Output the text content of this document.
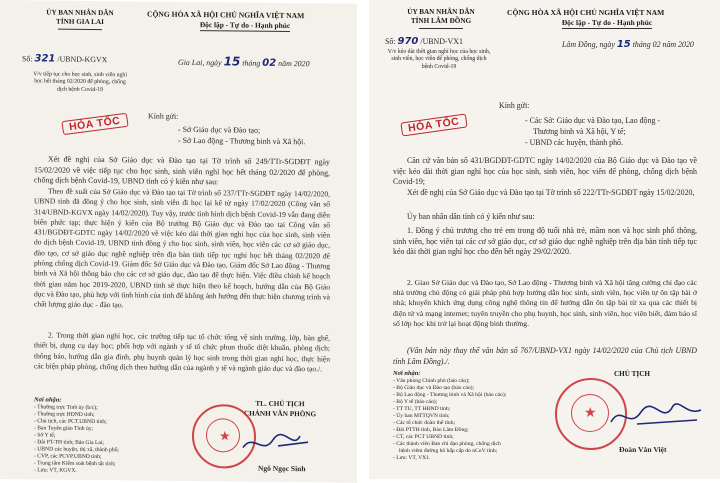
ỦY BAN NHÂN DÂN
TỈNH GIA LAI
CỘNG HÒA XÃ HỘI CHỦ NGHĨA VIỆT NAM
Độc lập - Tự do - Hạnh phúc
Số: 321 /UBND-KGVX	Gia Lai, ngày 15 tháng 02 năm 2020
V/v tiếp tục cho học sinh, sinh viên nghỉ học hết tháng 02/2020 để phòng, chống dịch bệnh Covid-19
HỎA TỐC	Kính gửi:
- Sở Giáo dục và Đào tạo;
- Sở Lao động - Thương binh và Xã hội.
Xét đề nghị của Sở Giáo dục và Đào tạo tại Tờ trình số 249/TTr-SGDĐT ngày 15/02/2020 về việc tiếp tục cho học sinh, sinh viên nghỉ học hết tháng 02/2020 để phòng, chống dịch bệnh Covid-19, UBND tỉnh có ý kiến như sau:
Theo đề xuất của Sở Giáo dục và Đào tạo tại Tờ trình số 237/TTr-SGDĐT ngày 14/02/2020, UBND tỉnh đã đồng ý cho học sinh, sinh viên đi học lại kể từ ngày 17/02/2020 (Công văn số 314/UBND-KGVX ngày 14/02/2020). Tuy vậy, trước tình hình dịch bệnh Covid-19 vẫn đang diễn biến phức tạp; thực hiện ý kiến của Bộ trưởng Bộ Giáo dục và Đào tạo tại Công văn số 431/BGDĐT-GDTC ngày 14/02/2020 về việc kéo dài thời gian nghỉ học của học sinh, sinh viên do dịch bệnh Covid-19, UBND tỉnh đồng ý cho học sinh, sinh viên, học viên các cơ sở giáo dục, đào tạo, cơ sở giáo dục nghề nghiệp trên địa bàn tỉnh tiếp tục nghỉ học hết tháng 02/2020 để phòng chống dịch Covid-19. Giám đốc Sở Giáo dục và Đào tạo, Giám đốc Sở Lao động - Thương binh và Xã hội thông báo cho các cơ sở giáo dục, đào tạo để thực hiện. Việc điều chỉnh kế hoạch thời gian năm học 2019-2020, UBND tỉnh sẽ thực hiện theo kế hoạch, hướng dẫn của Bộ Giáo dục và Đào tạo, phù hợp với tình hình của tỉnh để không ảnh hưởng đến thực hiện chương trình và chất lượng giáo dục - đào tạo.
2. Trong thời gian nghỉ học, các trường tiếp tục tổ chức tổng vệ sinh trường, lớp, bàn ghế, thiết bị, dụng cụ dạy học; phối hợp với ngành y tế tổ chức phun thuốc diệt khuẩn, phòng dịch; thông báo, hướng dẫn gia đình, phụ huynh quản lý học sinh trong thời gian nghỉ học, thực hiện các biện pháp phòng, chống dịch theo hướng dẫn của ngành y tế và ngành giáo dục và đào tạo./.
TL. CHỦ TỊCH
CHÁNH VĂN PHÒNG
★
Ngô Ngọc Sinh
Nơi nhận:
- Thường trực Tỉnh ủy (b/c);
- Thường trực HĐND tỉnh;
- Chủ tịch, các PCT.UBND tỉnh;
- Ban Tuyên giáo Tỉnh ủy;
- Sở Y tế;
- Đài PT-TH tỉnh; Báo Gia Lai;
- UBND các huyện, thị xã, thành phố;
- CVP, các PCVP.UBND tỉnh;
- Trung tâm Kiểm soát bệnh tật tỉnh;
- Lưu: VT, KGVX.
ỦY BAN NHÂN DÂN
TỈNH LÂM ĐỒNG
CỘNG HÒA XÃ HỘI CHỦ NGHĨA VIỆT NAM
Độc lập - Tự do - Hạnh phúc
Số: 970 /UBND-VX1	Lâm Đồng, ngày 15 tháng 02 năm 2020
V/v kéo dài thời gian nghỉ học của học sinh, sinh viên, học viên để phòng, chống dịch bệnh Covid-19
HỎA TỐC
Kính gửi:
- Các Sở: Giáo dục và Đào tạo, Lao động -
Thương binh và Xã hội, Y tế;
- UBND các huyện, thành phố.
Căn cứ văn bản số 431/BGDĐT-GDTC ngày 14/02/2020 của Bộ Giáo dục và Đào tạo về việc kéo dài thời gian nghỉ học của học sinh, sinh viên, học viên để phòng, chống dịch bệnh Covid-19;
Xét đề nghị của Sở Giáo dục và Đào tạo tại Tờ trình số 222/TTr-SGDĐT ngày 15/02/2020,
Ủy ban nhân dân tỉnh có ý kiến như sau:
1. Đồng ý chủ trương cho trẻ em trong độ tuổi nhà trẻ, mầm non và học sinh phổ thông, sinh viên, học viên tại các cơ sở giáo dục, cơ sở giáo dục nghề nghiệp trên địa bàn tỉnh tiếp tục kéo dài thời gian nghỉ học cho đến hết ngày 29/02/2020.
2. Giao Sở Giáo dục và Đào tạo, Sở Lao động - Thương binh và Xã hội tăng cường chỉ đạo các nhà trường chủ động có giải pháp phù hợp hướng dẫn học sinh, sinh viên, học viên tự ôn tập bài ở nhà; khuyến khích ứng dụng công nghệ thông tin để hướng dẫn ôn tập bài từ xa qua các thiết bị điện tử và mạng internet; tuyên truyền cho phụ huynh, học sinh, sinh viên, học viên biết, đảm bảo sĩ số lớp học khi trở lại hoạt động bình thường.
(Văn bản này thay thế văn bản số 767/UBND-VX1 ngày 14/02/2020 của Chủ tịch UBND tỉnh Lâm Đồng)./.
CHỦ TỊCH
★
Đoàn Văn Việt
Nơi nhận:
- Văn phòng Chính phủ (báo cáo);
- Bộ Giáo dục và Đào tạo (báo cáo);
- Bộ Lao động - Thương binh và Xã hội (báo cáo);
- Bộ Y tế (báo cáo);
- TT TU, TT HĐND tỉnh;
- Ủy ban MTTQVN tỉnh;
- Các tổ chức đoàn thể tỉnh;
- Đài PTTH tỉnh, Báo Lâm Đồng;
- CT, các PCT UBND tỉnh;
- Các thành viên Ban chỉ đạo phòng, chống dịch
bệnh viêm đường hô hấp cấp do nCoV tỉnh;
- Lưu: VT, VX1.
